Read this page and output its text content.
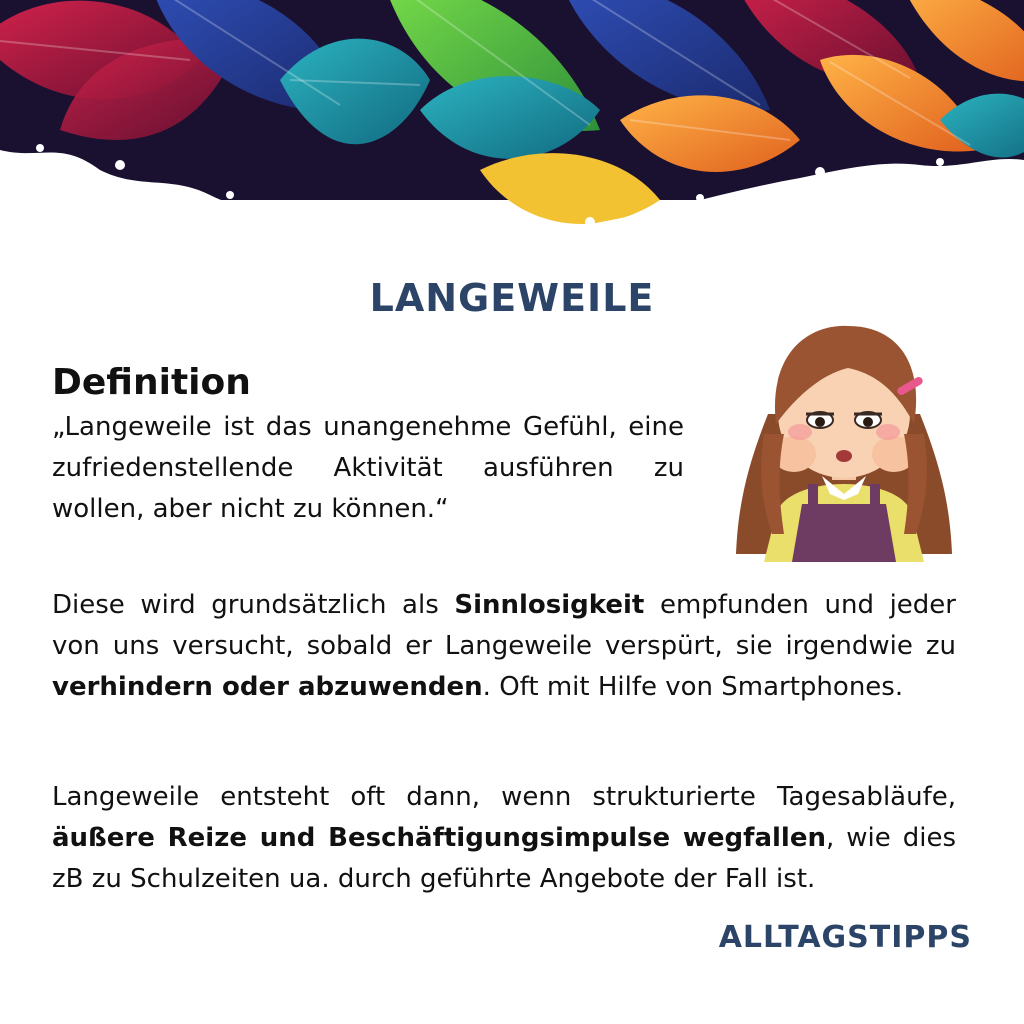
LANGEWEILE
Definition
„Langeweile ist das unangenehme Gefühl, eine zufriedenstellende Aktivität ausführen zu wollen, aber nicht zu können.“
Diese wird grundsätzlich als Sinnlosigkeit empfunden und jeder von uns versucht, sobald er Langeweile verspürt, sie irgendwie zu verhindern oder abzuwenden. Oft mit Hilfe von Smartphones.
Langeweile entsteht oft dann, wenn strukturierte Tagesabläufe, äußere Reize und Beschäftigungsimpulse wegfallen, wie dies zB zu Schulzeiten ua. durch geführte Angebote der Fall ist.
ALLTAGSTIPPS
